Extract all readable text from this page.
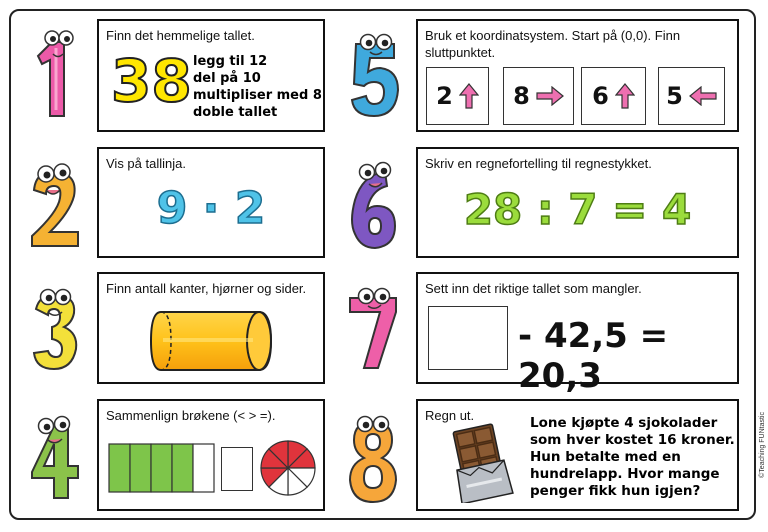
Finn det hemmelige tallet.
38 legg til 12
del på 10
multipliser med 8
doble tallet
Bruk et koordinatsystem. Start på (0,0). Finn sluttpunktet.
2	8	6 5
Vis på tallinja.
9 · 2
Skriv en regnefortelling til regnestykket.
28 : 7 = 4
Finn antall kanter, hjørner og sider.	Sett inn det riktige tallet som mangler.
- 42,5 = 20,3
Sammenlign brøkene (< > =).	Regn ut.	Lone kjøpte 4 sjokolader
som hver kostet 16 kroner.
Hun betalte med en
hundrelapp. Hvor mange
penger fikk hun igjen?
©Teaching FUNtastic
